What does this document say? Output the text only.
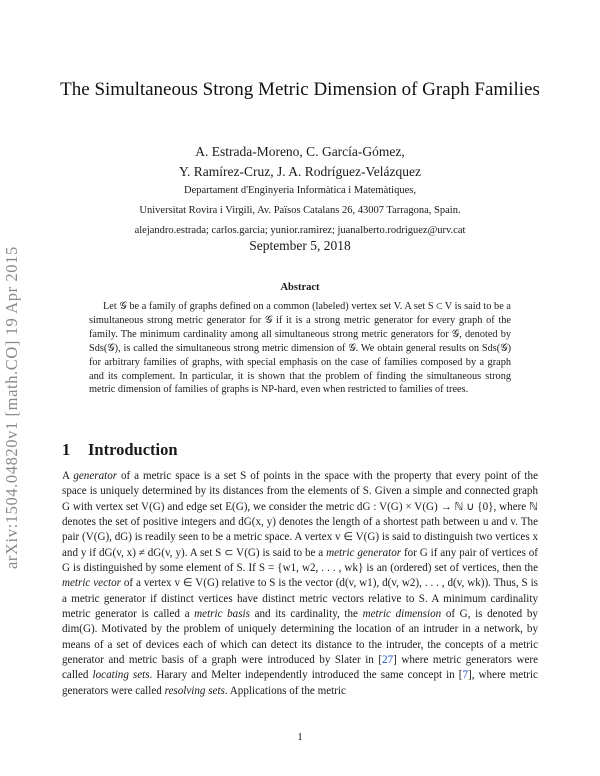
arXiv:1504.04820v1 [math.CO] 19 Apr 2015
The Simultaneous Strong Metric Dimension of Graph Families
A. Estrada-Moreno, C. García-Gómez,
Y. Ramírez-Cruz, J. A. Rodríguez-Velázquez
Departament d'Enginyeria Informàtica i Matemàtiques,
Universitat Rovira i Virgili, Av. Països Catalans 26, 43007 Tarragona, Spain.
alejandro.estrada; carlos.garcia; yunior.ramirez; juanalberto.rodriguez@urv.cat
September 5, 2018
Abstract
Let 𝒢 be a family of graphs defined on a common (labeled) vertex set V. A set S ⊂ V is said to be a simultaneous strong metric generator for 𝒢 if it is a strong metric generator for every graph of the family. The minimum cardinality among all simultaneous strong metric generators for 𝒢, denoted by Sds(𝒢), is called the simultaneous strong metric dimension of 𝒢. We obtain general results on Sds(𝒢) for arbitrary families of graphs, with special emphasis on the case of families composed by a graph and its complement. In particular, it is shown that the problem of finding the simultaneous strong metric dimension of families of graphs is NP-hard, even when restricted to families of trees.
1 Introduction

A generator of a metric space is a set S of points in the space with the property that every point of the space is uniquely determined by its distances from the elements of S. Given a simple and connected graph G with vertex set V(G) and edge set E(G), we consider the metric dG : V(G) × V(G) → ℕ ∪ {0}, where ℕ denotes the set of positive integers and dG(x, y) denotes the length of a shortest path between u and v. The pair (V(G), dG) is readily seen to be a metric space. A vertex v ∈ V(G) is said to distinguish two vertices x and y if dG(v, x) ≠ dG(v, y). A set S ⊂ V(G) is said to be a metric generator for G if any pair of vertices of G is distinguished by some element of S. If S = {w1, w2, . . . , wk} is an (ordered) set of vertices, then the metric vector of a vertex v ∈ V(G) relative to S is the vector (d(v, w1), d(v, w2), . . . , d(v, wk)). Thus, S is a metric generator if distinct vertices have distinct metric vectors relative to S. A minimum cardinality metric generator is called a metric basis and its cardinality, the metric dimension of G, is denoted by dim(G). Motivated by the problem of uniquely determining the location of an intruder in a network, by means of a set of devices each of which can detect its distance to the intruder, the concepts of a metric generator and metric basis of a graph were introduced by Slater in [27] where metric generators were called locating sets. Harary and Melter independently introduced the same concept in [7], where metric generators were called resolving sets. Applications of the metric

1
